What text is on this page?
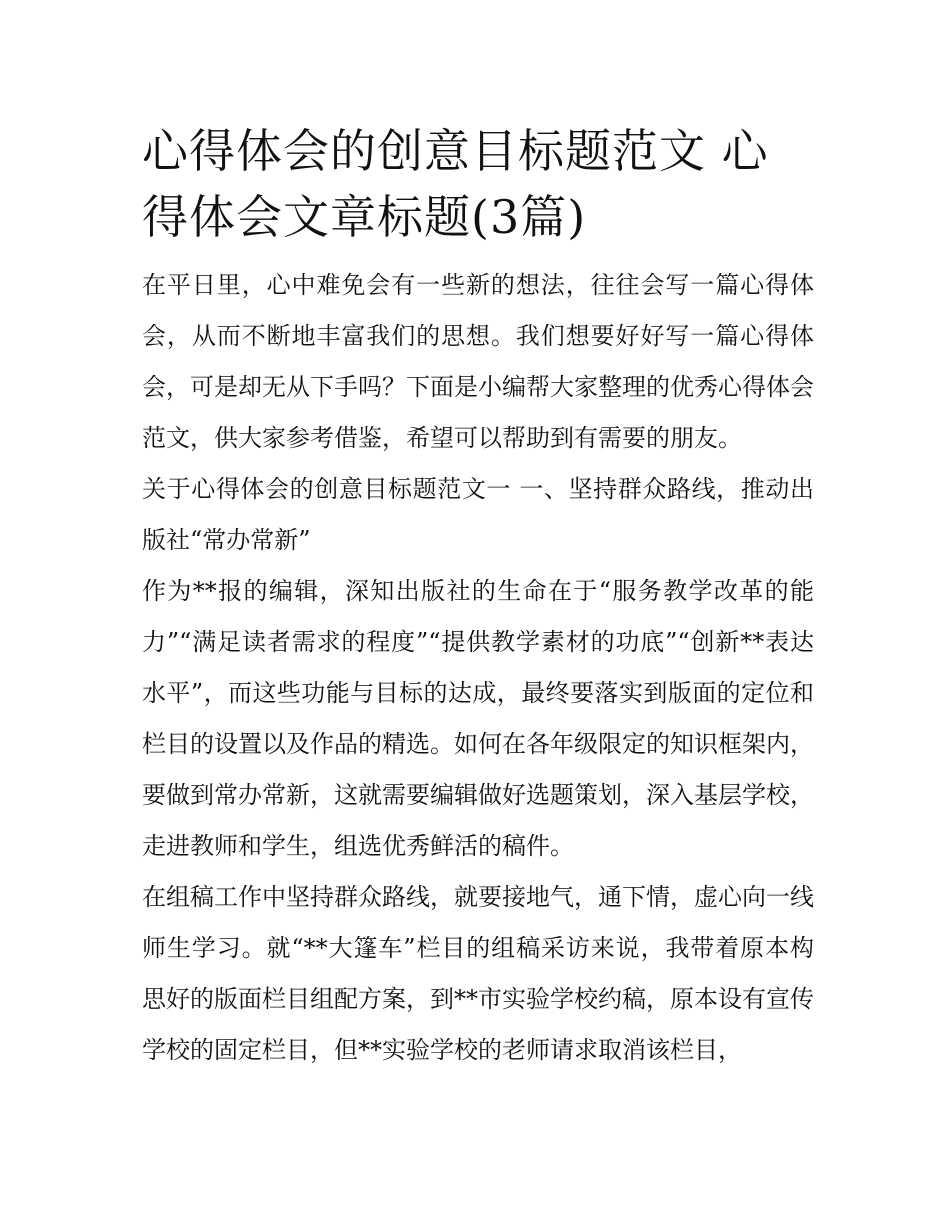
心得体会的创意目标题范文 心得体会文章标题(3篇)

在平日里，心中难免会有一些新的想法，往往会写一篇心得体会，从而不断地丰富我们的思想。我们想要好好写一篇心得体会，可是却无从下手吗？下面是小编帮大家整理的优秀心得体会范文，供大家参考借鉴，希望可以帮助到有需要的朋友。

关于心得体会的创意目标题范文一 一、坚持群众路线，推动出版社“常办常新”

作为**报的编辑，深知出版社的生命在于“服务教学改革的能力”“满足读者需求的程度”“提供教学素材的功底”“创新**表达水平”，而这些功能与目标的达成，最终要落实到版面的定位和栏目的设置以及作品的精选。如何在各年级限定的知识框架内，要做到常办常新，这就需要编辑做好选题策划，深入基层学校，走进教师和学生，组选优秀鲜活的稿件。

在组稿工作中坚持群众路线，就要接地气，通下情，虚心向一线师生学习。就“**大篷车”栏目的组稿采访来说，我带着原本构思好的版面栏目组配方案，到**市实验学校约稿，原本设有宣传学校的固定栏目，但**实验学校的老师请求取消该栏目，
